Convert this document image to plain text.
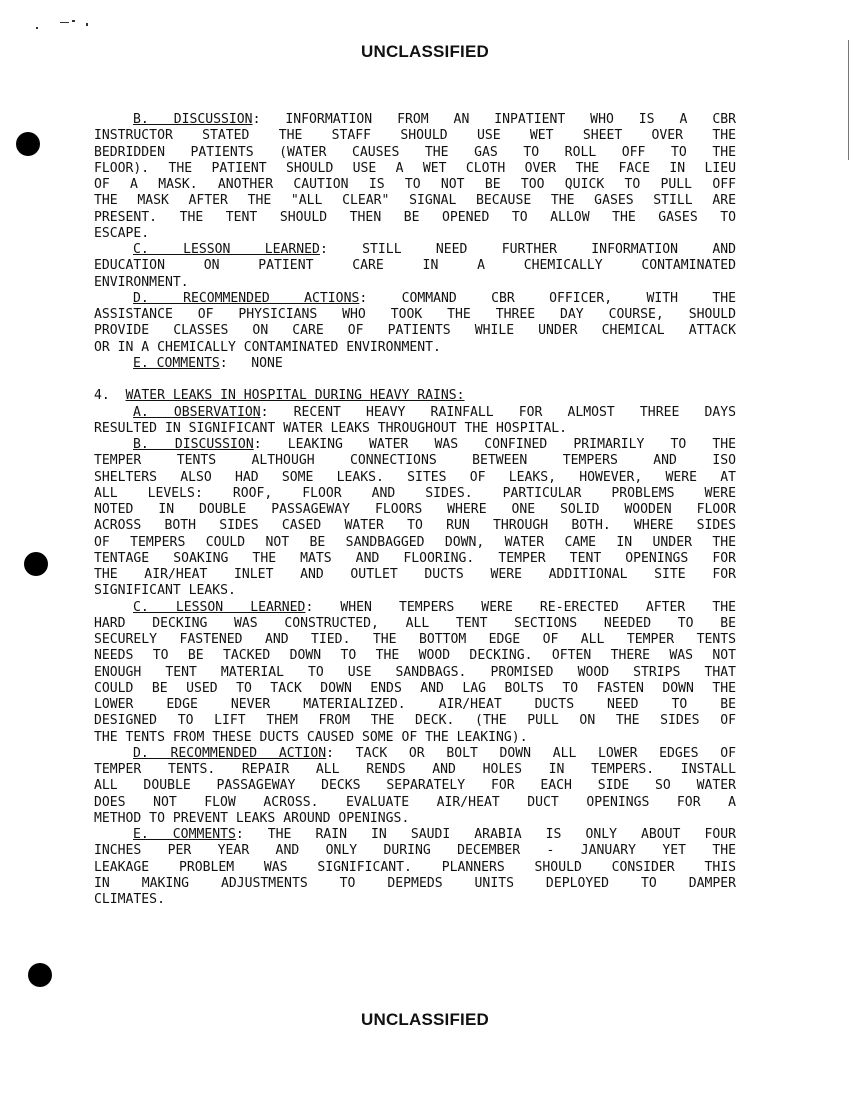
UNCLASSIFIED
B. DISCUSSION: INFORMATION FROM AN INPATIENT WHO IS A CBR
INSTRUCTOR STATED THE STAFF SHOULD USE WET SHEET OVER THE
BEDRIDDEN PATIENTS (WATER CAUSES THE GAS TO ROLL OFF TO THE
FLOOR). THE PATIENT SHOULD USE A WET CLOTH OVER THE FACE IN LIEU
OF A MASK. ANOTHER CAUTION IS TO NOT BE TOO QUICK TO PULL OFF
THE MASK AFTER THE "ALL CLEAR" SIGNAL BECAUSE THE GASES STILL ARE
PRESENT. THE TENT SHOULD THEN BE OPENED TO ALLOW THE GASES TO
ESCAPE.
C. LESSON LEARNED: STILL NEED FURTHER INFORMATION AND
EDUCATION ON PATIENT CARE IN A CHEMICALLY CONTAMINATED
ENVIRONMENT.
D. RECOMMENDED ACTIONS: COMMAND CBR OFFICER, WITH THE
ASSISTANCE OF PHYSICIANS WHO TOOK THE THREE DAY COURSE, SHOULD
PROVIDE CLASSES ON CARE OF PATIENTS WHILE UNDER CHEMICAL ATTACK
OR IN A CHEMICALLY CONTAMINATED ENVIRONMENT.
E. COMMENTS:   NONE
4.  WATER LEAKS IN HOSPITAL DURING HEAVY RAINS:
A. OBSERVATION: RECENT HEAVY RAINFALL FOR ALMOST THREE DAYS
RESULTED IN SIGNIFICANT WATER LEAKS THROUGHOUT THE HOSPITAL.
B. DISCUSSION: LEAKING WATER WAS CONFINED PRIMARILY TO THE
TEMPER TENTS ALTHOUGH CONNECTIONS BETWEEN TEMPERS AND ISO
SHELTERS ALSO HAD SOME LEAKS. SITES OF LEAKS, HOWEVER, WERE AT
ALL LEVELS: ROOF, FLOOR AND SIDES. PARTICULAR PROBLEMS WERE
NOTED IN DOUBLE PASSAGEWAY FLOORS WHERE ONE SOLID WOODEN FLOOR
ACROSS BOTH SIDES CASED WATER TO RUN THROUGH BOTH. WHERE SIDES
OF TEMPERS COULD NOT BE SANDBAGGED DOWN, WATER CAME IN UNDER THE
TENTAGE SOAKING THE MATS AND FLOORING. TEMPER TENT OPENINGS FOR
THE AIR/HEAT INLET AND OUTLET DUCTS WERE ADDITIONAL SITE FOR
SIGNIFICANT LEAKS.
C. LESSON LEARNED: WHEN TEMPERS WERE RE-ERECTED AFTER THE
HARD DECKING WAS CONSTRUCTED, ALL TENT SECTIONS NEEDED TO BE
SECURELY FASTENED AND TIED. THE BOTTOM EDGE OF ALL TEMPER TENTS
NEEDS TO BE TACKED DOWN TO THE WOOD DECKING. OFTEN THERE WAS NOT
ENOUGH TENT MATERIAL TO USE SANDBAGS. PROMISED WOOD STRIPS THAT
COULD BE USED TO TACK DOWN ENDS AND LAG BOLTS TO FASTEN DOWN THE
LOWER EDGE NEVER MATERIALIZED. AIR/HEAT DUCTS NEED TO BE
DESIGNED TO LIFT THEM FROM THE DECK. (THE PULL ON THE SIDES OF
THE TENTS FROM THESE DUCTS CAUSED SOME OF THE LEAKING).
D. RECOMMENDED ACTION: TACK OR BOLT DOWN ALL LOWER EDGES OF
TEMPER TENTS. REPAIR ALL RENDS AND HOLES IN TEMPERS. INSTALL
ALL DOUBLE PASSAGEWAY DECKS SEPARATELY FOR EACH SIDE SO WATER
DOES NOT FLOW ACROSS. EVALUATE AIR/HEAT DUCT OPENINGS FOR A
METHOD TO PREVENT LEAKS AROUND OPENINGS.
E. COMMENTS: THE RAIN IN SAUDI ARABIA IS ONLY ABOUT FOUR
INCHES PER YEAR AND ONLY DURING DECEMBER - JANUARY YET THE
LEAKAGE PROBLEM WAS SIGNIFICANT. PLANNERS SHOULD CONSIDER THIS
IN MAKING ADJUSTMENTS TO DEPMEDS UNITS DEPLOYED TO DAMPER
CLIMATES.
UNCLASSIFIED
